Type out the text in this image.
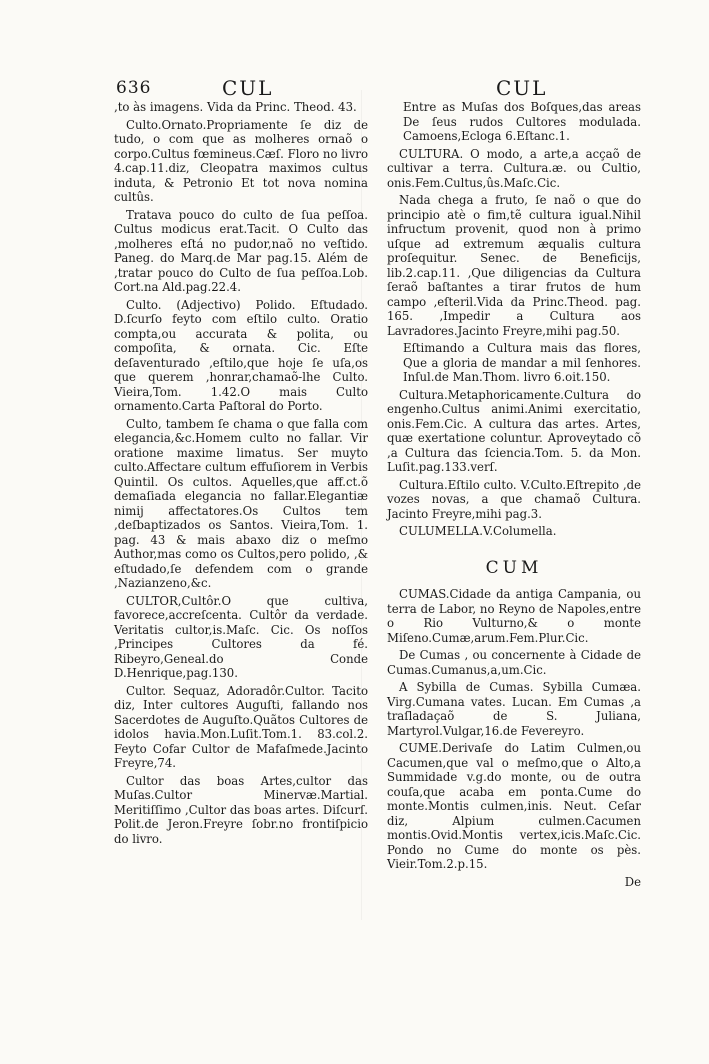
636	CUL	CUL

‚to às imagens. Vida da Princ. Theod. 43.

Culto.Ornato.Propriamente ſe diz de tudo, o com que as molheres ornaõ o corpo.Cultus fœmineus.Cæſ. Floro no livro 4.cap.11.diz, Cleopatra maximos cultus induta, & Petronio Et tot nova nomina cultûs.

Tratava pouco do culto de ſua peſſoa. Cultus modicus erat.Tacit. O Culto das ‚molheres eſtá no pudor,naõ no veſtido. Paneg. do Marq.de Mar pag.15. Além de ‚tratar pouco do Culto de ſua peſſoa.Lob. Cort.na Ald.pag.22.4.

Culto. (Adjectivo) Polido. Eſtudado. D.ſcurſo feyto com eſtilo culto. Oratio compta,ou accurata & polita, ou compoſita, & ornata. Cic. Eſte deſaventurado ‚eſtilo,que hoje ſe uſa,os que querem ‚honrar,chamaõ-lhe Culto. Vieira,Tom. 1.42.O mais Culto ornamento.Carta Paſtoral do Porto.

Culto, tambem ſe chama o que falla com elegancia,&c.Homem culto no fallar. Vir oratione maxime limatus. Ser muyto culto.Affectare cultum effuſiorem in Verbis Quintil. Os cultos. Aquelles,que aff.ct.õ demaſiada elegancia no fallar.Elegantiæ nimij affectatores.Os Cultos tem ‚deſbaptizados os Santos. Vieira,Tom. 1. pag. 43 & mais abaxo diz o meſmo Author,mas como os Cultos,pero polido, ‚& eſtudado,ſe defendem com o grande ‚Nazianzeno,&c.

CULTOR,Cultôr.O que cultiva, favorece,accreſcenta. Cultôr da verdade. Veritatis cultor,is.Maſc. Cic. Os noſſos ‚Principes Cultores da fé. Ribeyro,Geneal.do Conde D.Henrique,pag.130.

Cultor. Sequaz, Adoradôr.Cultor. Tacito diz, Inter cultores Auguſti, fallando nos Sacerdotes de Auguſto.Quãtos Cultores de idolos havia.Mon.Luſit.Tom.1. 83.col.2. Feyto Cofar Cultor de Mafaſmede.Jacinto Freyre,74.

Cultor das boas Artes,cultor das Muſas.Cultor Minervæ.Martial. Meritiſſimo ‚Cultor das boas artes. Diſcurſ. Polit.de Jeron.Freyre ſobr.no frontiſpicio do livro.

Entre as Muſas dos Boſques,das areas De ſeus rudos Cultores modulada. Camoens,Ecloga 6.Eſtanc.1.

CULTURA. O modo, a arte,a acçaõ de cultivar a terra. Cultura.æ. ou Cultio, onis.Fem.Cultus,ûs.Maſc.Cic.

Nada chega a fruto, ſe naõ o que do principio atè o fim,tẽ cultura igual.Nihil infructum provenit, quod non à primo uſque ad extremum æqualis cultura proſequitur. Senec. de Beneficijs, lib.2.cap.11. ‚Que diligencias da Cultura ſeraõ baſtantes a tirar frutos de hum campo ‚eſteril.Vida da Princ.Theod. pag. 165. ‚Impedir a Cultura aos Lavradores.Jacinto Freyre,mihi pag.50.

Eſtimando a Cultura mais das flores, Que a gloria de mandar a mil ſenhores. Inſul.de Man.Thom. livro 6.oit.150.

Cultura.Metaphoricamente.Cultura do engenho.Cultus animi.Animi exercitatio, onis.Fem.Cic. A cultura das artes. Artes, quæ exertatione coluntur. Aproveytado cõ ‚a Cultura das ſciencia.Tom. 5. da Mon. Luſit.pag.133.verſ.

Cultura.Eſtilo culto. V.Culto.Eſtrepito ‚de vozes novas, a que chamaõ Cultura. Jacinto Freyre,mihi pag.3.

CULUMELLA.V.Columella.

CUM

CUMAS.Cidade da antiga Campania, ou terra de Labor, no Reyno de Napoles,entre o Rio Vulturno,& o monte Miſeno.Cumæ,arum.Fem.Plur.Cic.

De Cumas , ou concernente à Cidade de Cumas.Cumanus,a,um.Cic.

A Sybilla de Cumas. Sybilla Cumæa. Virg.Cumana vates. Lucan. Em Cumas ‚a traſladaçaõ de S. Juliana, Martyrol.Vulgar,16.de Fevereyro.

CUME.Derivaſe do Latim Culmen,ou Cacumen,que val o meſmo,que o Alto,a Summidade v.g.do monte, ou de outra couſa,que acaba em ponta.Cume do monte.Montis culmen,inis. Neut. Ceſar diz, Alpium culmen.Cacumen montis.Ovid.Montis vertex,icis.Maſc.Cic. Pondo no Cume do monte os pès. Vieir.Tom.2.p.15.

De
